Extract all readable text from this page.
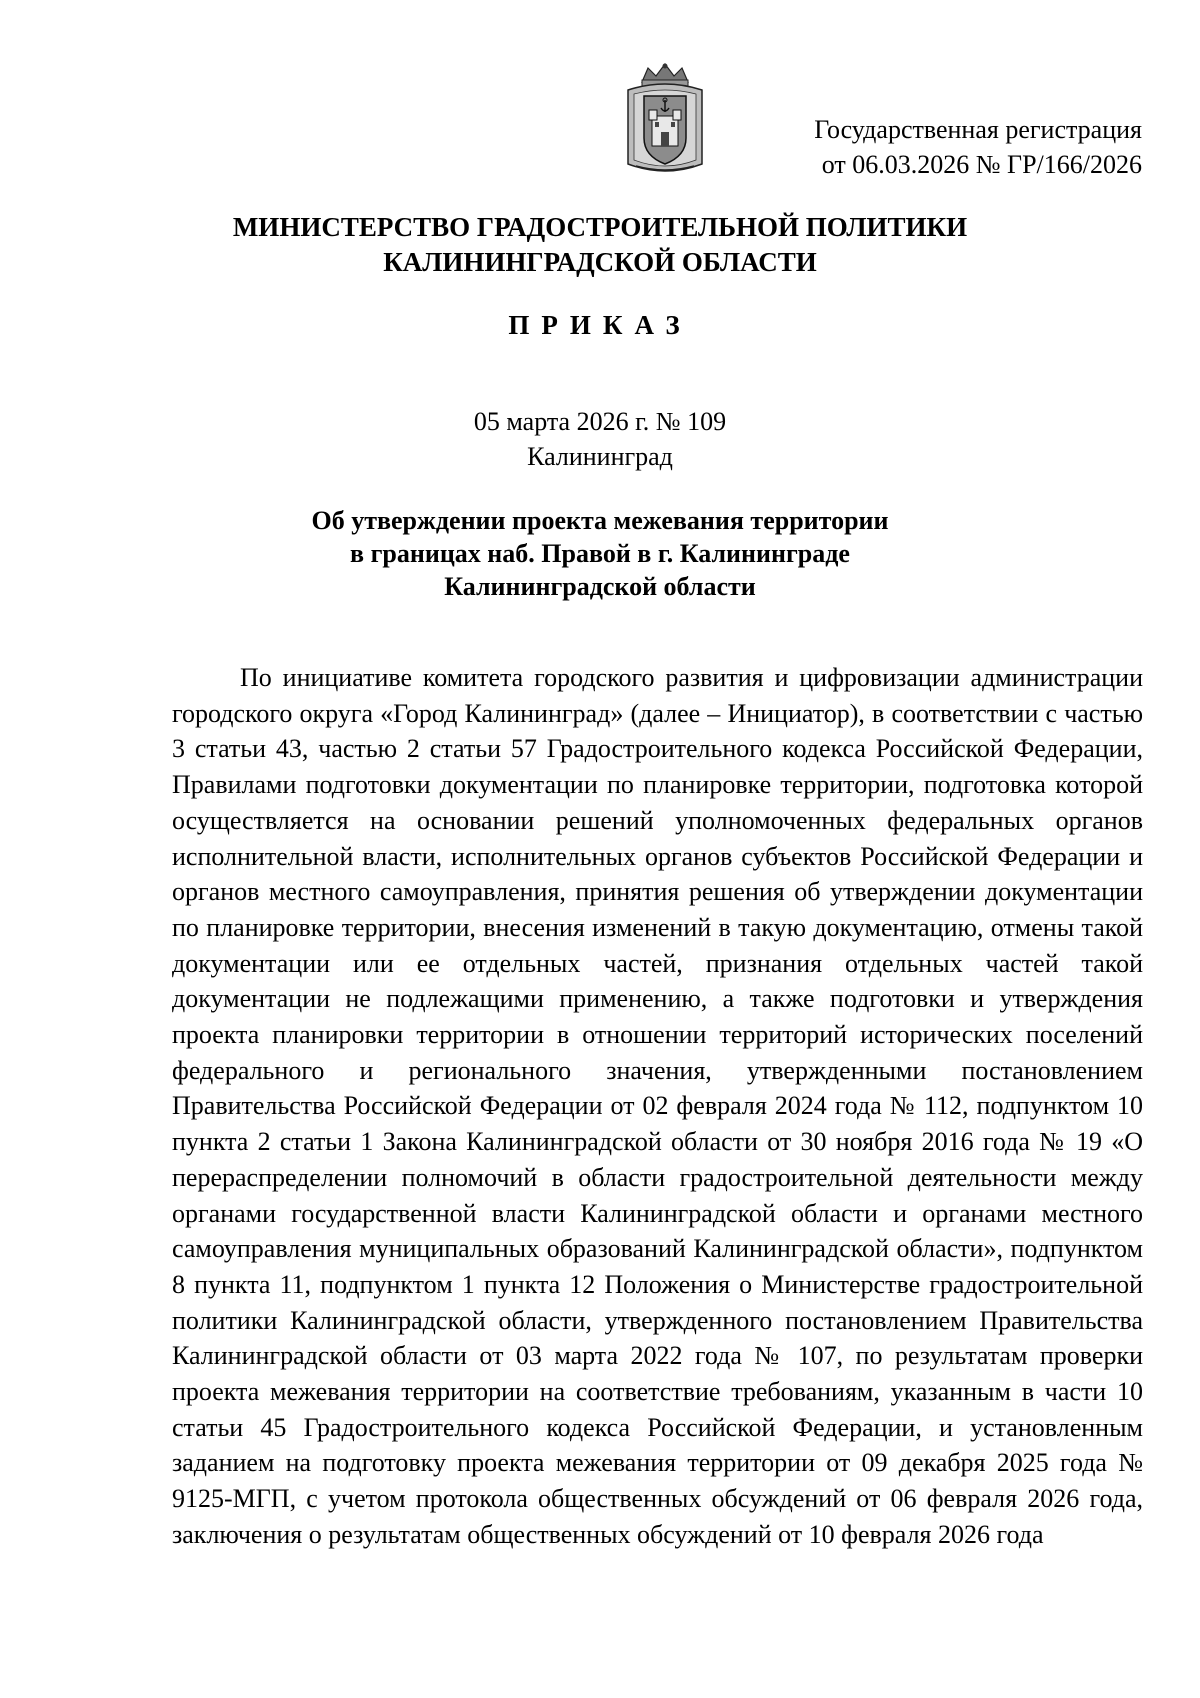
Государственная регистрация
от 06.03.2026 № ГР/166/2026
МИНИСТЕРСТВО ГРАДОСТРОИТЕЛЬНОЙ ПОЛИТИКИ
КАЛИНИНГРАДСКОЙ ОБЛАСТИ
ПРИКАЗ
05 марта 2026 г. № 109
Калининград
Об утверждении проекта межевания территории
в границах наб. Правой в г. Калининграде
Калининградской области

По инициативе комитета городского развития и цифровизации администрации городского округа «Город Калининград» (далее – Инициатор), в соответствии с частью 3 статьи 43, частью 2 статьи 57 Градостроительного кодекса Российской Федерации, Правилами подготовки документации по планировке территории, подготовка которой осуществляется на основании решений уполномоченных федеральных органов исполнительной власти, исполнительных органов субъектов Российской Федерации и органов местного самоуправления, принятия решения об утверждении документации по планировке территории, внесения изменений в такую документацию, отмены такой документации или ее отдельных частей, признания отдельных частей такой документации не подлежащими применению, а также подготовки и утверждения проекта планировки территории в отношении территорий исторических поселений федерального и регионального значения, утвержденными постановлением Правительства Российской Федерации от 02 февраля 2024 года № 112, подпунктом 10 пункта 2 статьи 1 Закона Калининградской области от 30 ноября 2016 года № 19 «О перераспределении полномочий в области градостроительной деятельности между органами государственной власти Калининградской области и органами местного самоуправления муниципальных образований Калининградской области», подпунктом 8 пункта 11, подпунктом 1 пункта 12 Положения о Министерстве градостроительной политики Калининградской области, утвержденного постановлением Правительства Калининградской области от 03 марта 2022 года № 107, по результатам проверки проекта межевания территории на соответствие требованиям, указанным в части 10 статьи 45 Градостроительного кодекса Российской Федерации, и установленным заданием на подготовку проекта межевания территории от 09 декабря 2025 года № 9125-МГП, с учетом протокола общественных обсуждений от 06 февраля 2026 года, заключения о результатам общественных обсуждений от 10 февраля 2026 года
